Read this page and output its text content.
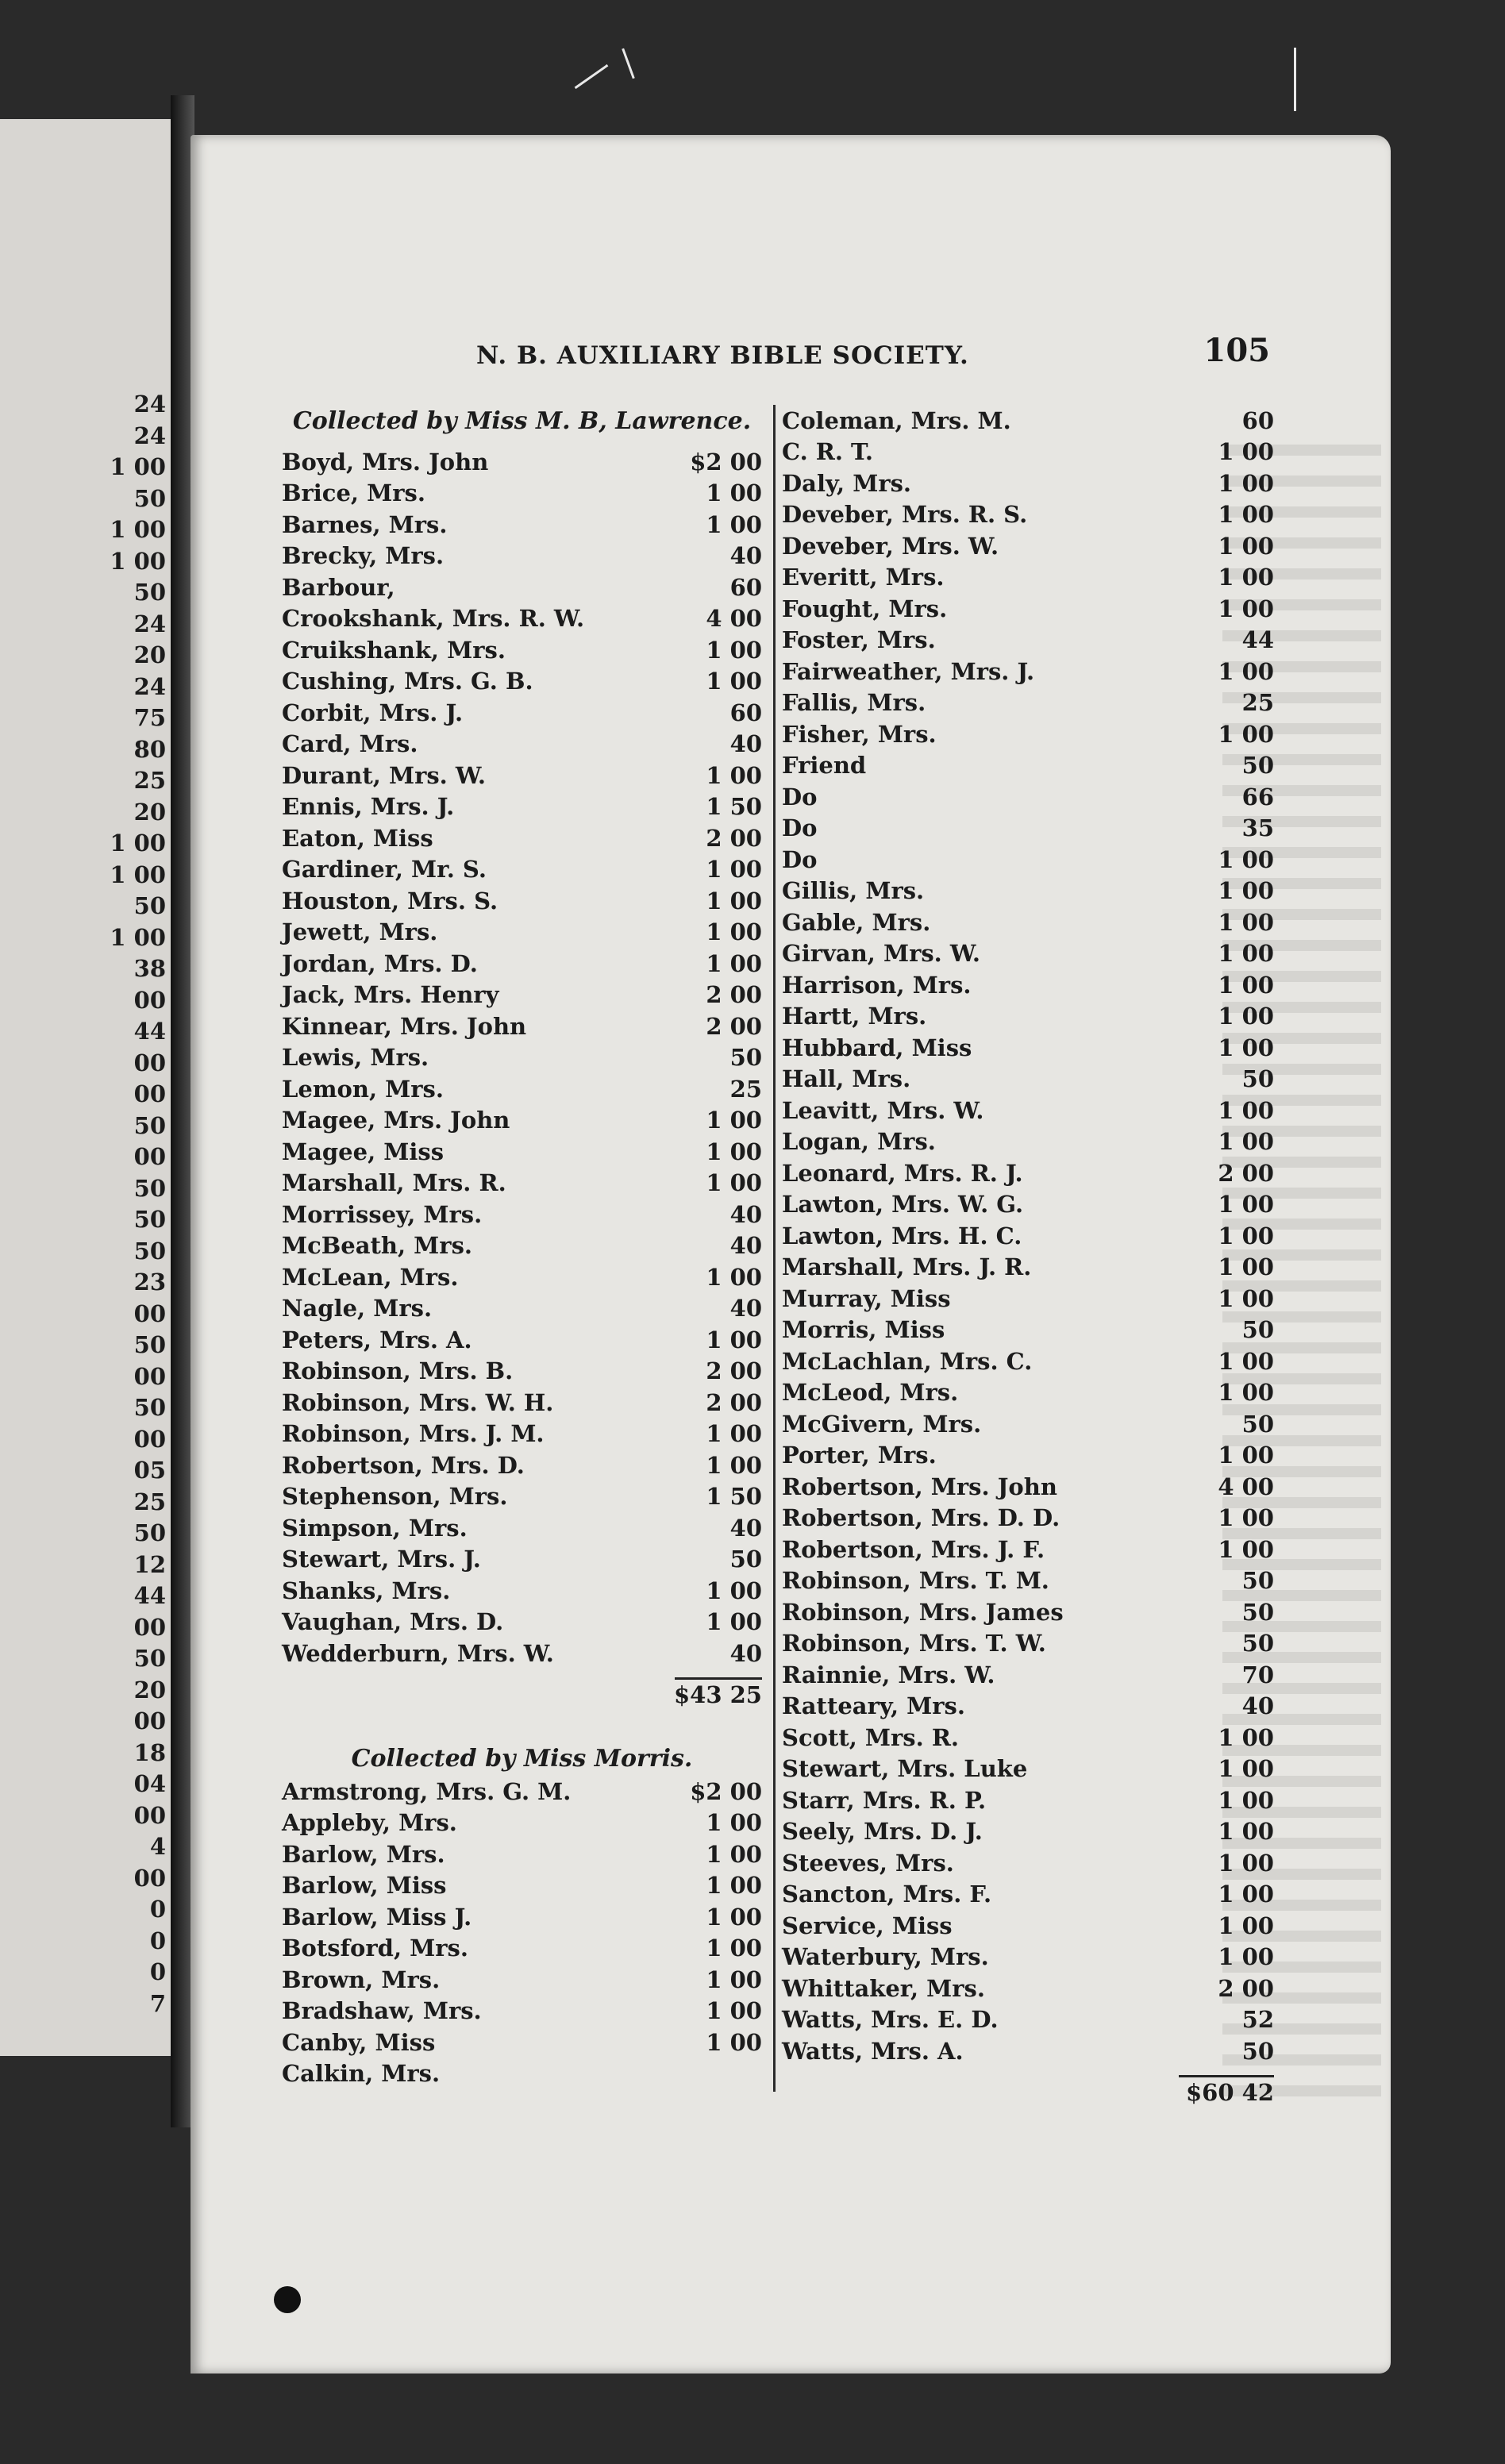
24
24
1 00
50
1 00
1 00
50
24
20
24
75
80
25
20
1 00
1 00
50
1 00
38
00
44
00
00
50
00
50
50
50
23
00
50
00
50
00
05
25
50
12
44
00
50
20
00
18
04
00
4
00
0
0
0
7
N. B. AUXILIARY BIBLE SOCIETY.	105
Collected by Miss M. B, Lawrence.
Boyd, Mrs. John	$2 00
Brice, Mrs.	1 00
Barnes, Mrs.	1 00
Brecky, Mrs.	40
Barbour,	60
Crookshank, Mrs. R. W.	4 00
Cruikshank, Mrs.	1 00
Cushing, Mrs. G. B.	1 00
Corbit, Mrs. J.	60
Card, Mrs.	40
Durant, Mrs. W.	1 00
Ennis, Mrs. J.	1 50
Eaton, Miss	2 00
Gardiner, Mr. S.	1 00
Houston, Mrs. S.	1 00
Jewett, Mrs.	1 00
Jordan, Mrs. D.	1 00
Jack, Mrs. Henry	2 00
Kinnear, Mrs. John	2 00
Lewis, Mrs.	50
Lemon, Mrs.	25
Magee, Mrs. John	1 00
Magee, Miss	1 00
Marshall, Mrs. R.	1 00
Morrissey, Mrs.	40
McBeath, Mrs.	40
McLean, Mrs.	1 00
Nagle, Mrs.	40
Peters, Mrs. A.	1 00
Robinson, Mrs. B.	2 00
Robinson, Mrs. W. H.	2 00
Robinson, Mrs. J. M.	1 00
Robertson, Mrs. D.	1 00
Stephenson, Mrs.	1 50
Simpson, Mrs.	40
Stewart, Mrs. J.	50
Shanks, Mrs.	1 00
Vaughan, Mrs. D.	1 00
Wedderburn, Mrs. W.	40
$43 25
Collected by Miss Morris.
Armstrong, Mrs. G. M.	$2 00
Appleby, Mrs.	1 00
Barlow, Mrs.	1 00
Barlow, Miss	1 00
Barlow, Miss J.	1 00
Botsford, Mrs.	1 00
Brown, Mrs.	1 00
Bradshaw, Mrs.	1 00
Canby, Miss	1 00
Calkin, Mrs.
Coleman, Mrs. M.	60
C. R. T.	1 00
Daly, Mrs.	1 00
Deveber, Mrs. R. S.	1 00
Deveber, Mrs. W.	1 00
Everitt, Mrs.	1 00
Fought, Mrs.	1 00
Foster, Mrs.	44
Fairweather, Mrs. J.	1 00
Fallis, Mrs.	25
Fisher, Mrs.	1 00
Friend	50
Do	66
Do	35
Do	1 00
Gillis, Mrs.	1 00
Gable, Mrs.	1 00
Girvan, Mrs. W.	1 00
Harrison, Mrs.	1 00
Hartt, Mrs.	1 00
Hubbard, Miss	1 00
Hall, Mrs.	50
Leavitt, Mrs. W.	1 00
Logan, Mrs.	1 00
Leonard, Mrs. R. J.	2 00
Lawton, Mrs. W. G.	1 00
Lawton, Mrs. H. C.	1 00
Marshall, Mrs. J. R.	1 00
Murray, Miss	1 00
Morris, Miss	50
McLachlan, Mrs. C.	1 00
McLeod, Mrs.	1 00
McGivern, Mrs.	50
Porter, Mrs.	1 00
Robertson, Mrs. John	4 00
Robertson, Mrs. D. D.	1 00
Robertson, Mrs. J. F.	1 00
Robinson, Mrs. T. M.	50
Robinson, Mrs. James	50
Robinson, Mrs. T. W.	50
Rainnie, Mrs. W.	70
Ratteary, Mrs.	40
Scott, Mrs. R.	1 00
Stewart, Mrs. Luke	1 00
Starr, Mrs. R. P.	1 00
Seely, Mrs. D. J.	1 00
Steeves, Mrs.	1 00
Sancton, Mrs. F.	1 00
Service, Miss	1 00
Waterbury, Mrs.	1 00
Whittaker, Mrs.	2 00
Watts, Mrs. E. D.	52
Watts, Mrs. A.	50
$60 42
